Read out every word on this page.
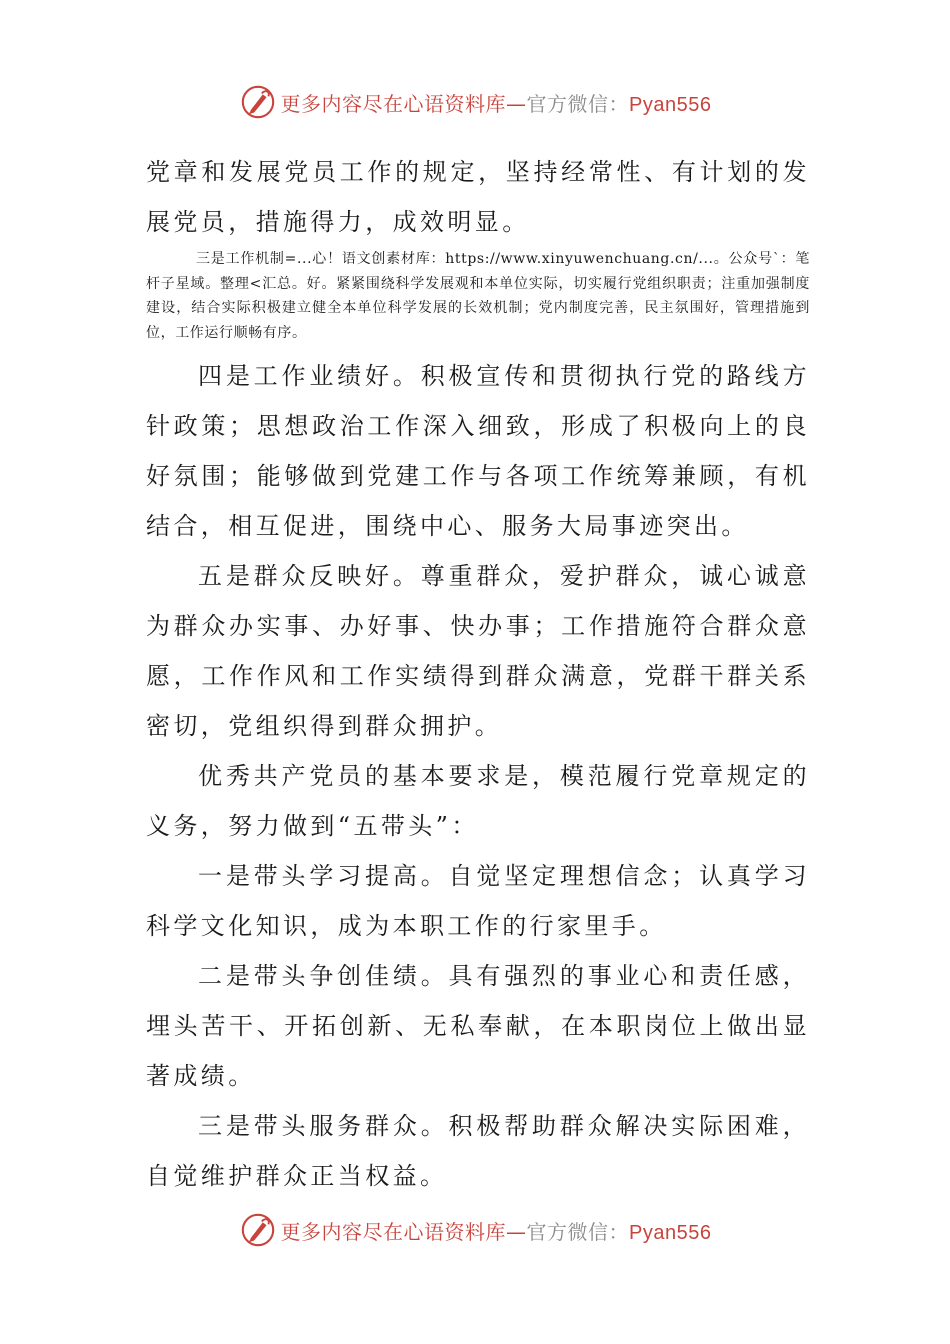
更多内容尽在心语资料库—官方微信：Pyan556

党章和发展党员工作的规定，坚持经常性、有计划的发展党员，措施得力，成效明显。

三是工作机制=...心！语文创素材库：https://www.xinyuwenchuang.cn/...。公众号`：笔杆子星域。整理<汇总。好。紧紧围绕科学发展观和本单位实际，切实履行党组织职责；注重加强制度建设，结合实际积极建立健全本单位科学发展的长效机制；党内制度完善，民主氛围好，管理措施到位，工作运行顺畅有序。

四是工作业绩好。积极宣传和贯彻执行党的路线方针政策；思想政治工作深入细致，形成了积极向上的良好氛围；能够做到党建工作与各项工作统筹兼顾，有机结合，相互促进，围绕中心、服务大局事迹突出。

五是群众反映好。尊重群众，爱护群众，诚心诚意为群众办实事、办好事、快办事；工作措施符合群众意愿，工作作风和工作实绩得到群众满意，党群干群关系密切，党组织得到群众拥护。

优秀共产党员的基本要求是，模范履行党章规定的义务，努力做到“五带头”：

一是带头学习提高。自觉坚定理想信念；认真学习科学文化知识，成为本职工作的行家里手。

二是带头争创佳绩。具有强烈的事业心和责任感，埋头苦干、开拓创新、无私奉献，在本职岗位上做出显著成绩。

三是带头服务群众。积极帮助群众解决实际困难，自觉维护群众正当权益。

更多内容尽在心语资料库—官方微信：Pyan556
